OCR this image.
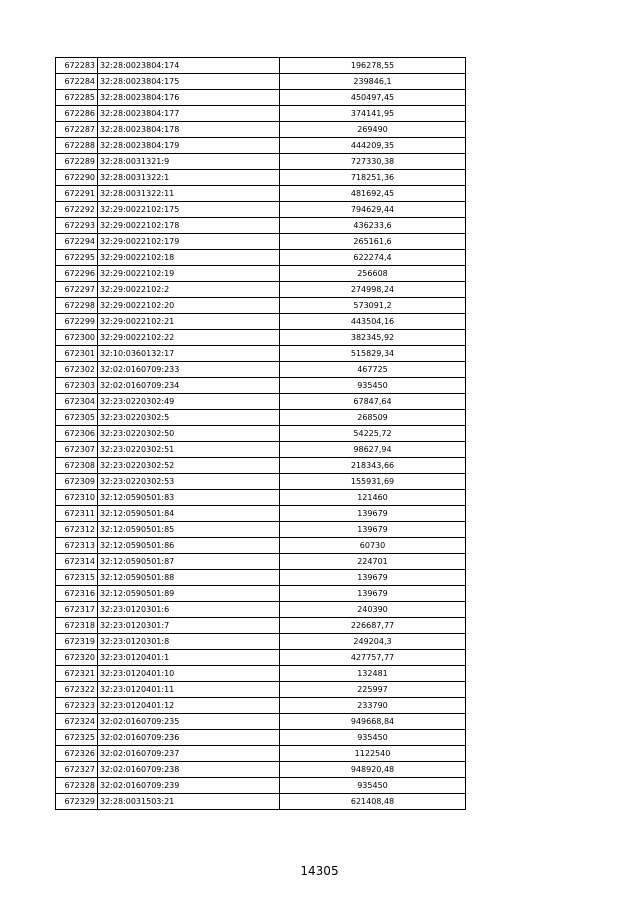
672283	32:28:0023804:174	196278,55
672284	32:28:0023804:175	239846,1
672285	32:28:0023804:176	450497,45
672286	32:28:0023804:177	374141,95
672287	32:28:0023804:178	269490
672288	32:28:0023804:179	444209,35
672289	32:28:0031321:9	727330,38
672290	32:28:0031322:1	718251,36
672291	32:28:0031322:11	481692,45
672292	32:29:0022102:175	794629,44
672293	32:29:0022102:178	436233,6
672294	32:29:0022102:179	265161,6
672295	32:29:0022102:18	622274,4
672296	32:29:0022102:19	256608
672297	32:29:0022102:2	274998,24
672298	32:29:0022102:20	573091,2
672299	32:29:0022102:21	443504,16
672300	32:29:0022102:22	382345,92
672301	32:10:0360132:17	515829,34
672302	32:02:0160709:233	467725
672303	32:02:0160709:234	935450
672304	32:23:0220302:49	67847,64
672305	32:23:0220302:5	268509
672306	32:23:0220302:50	54225,72
672307	32:23:0220302:51	98627,94
672308	32:23:0220302:52	218343,66
672309	32:23:0220302:53	155931,69
672310	32:12:0590501:83	121460
672311	32:12:0590501:84	139679
672312	32:12:0590501:85	139679
672313	32:12:0590501:86	60730
672314	32:12:0590501:87	224701
672315	32:12:0590501:88	139679
672316	32:12:0590501:89	139679
672317	32:23:0120301:6	240390
672318	32:23:0120301:7	226687,77
672319	32:23:0120301:8	249204,3
672320	32:23:0120401:1	427757,77
672321	32:23:0120401:10	132481
672322	32:23:0120401:11	225997
672323	32:23:0120401:12	233790
672324	32:02:0160709:235	949668,84
672325	32:02:0160709:236	935450
672326	32:02:0160709:237	1122540
672327	32:02:0160709:238	948920,48
672328	32:02:0160709:239	935450
672329	32:28:0031503:21	621408,48
14305
